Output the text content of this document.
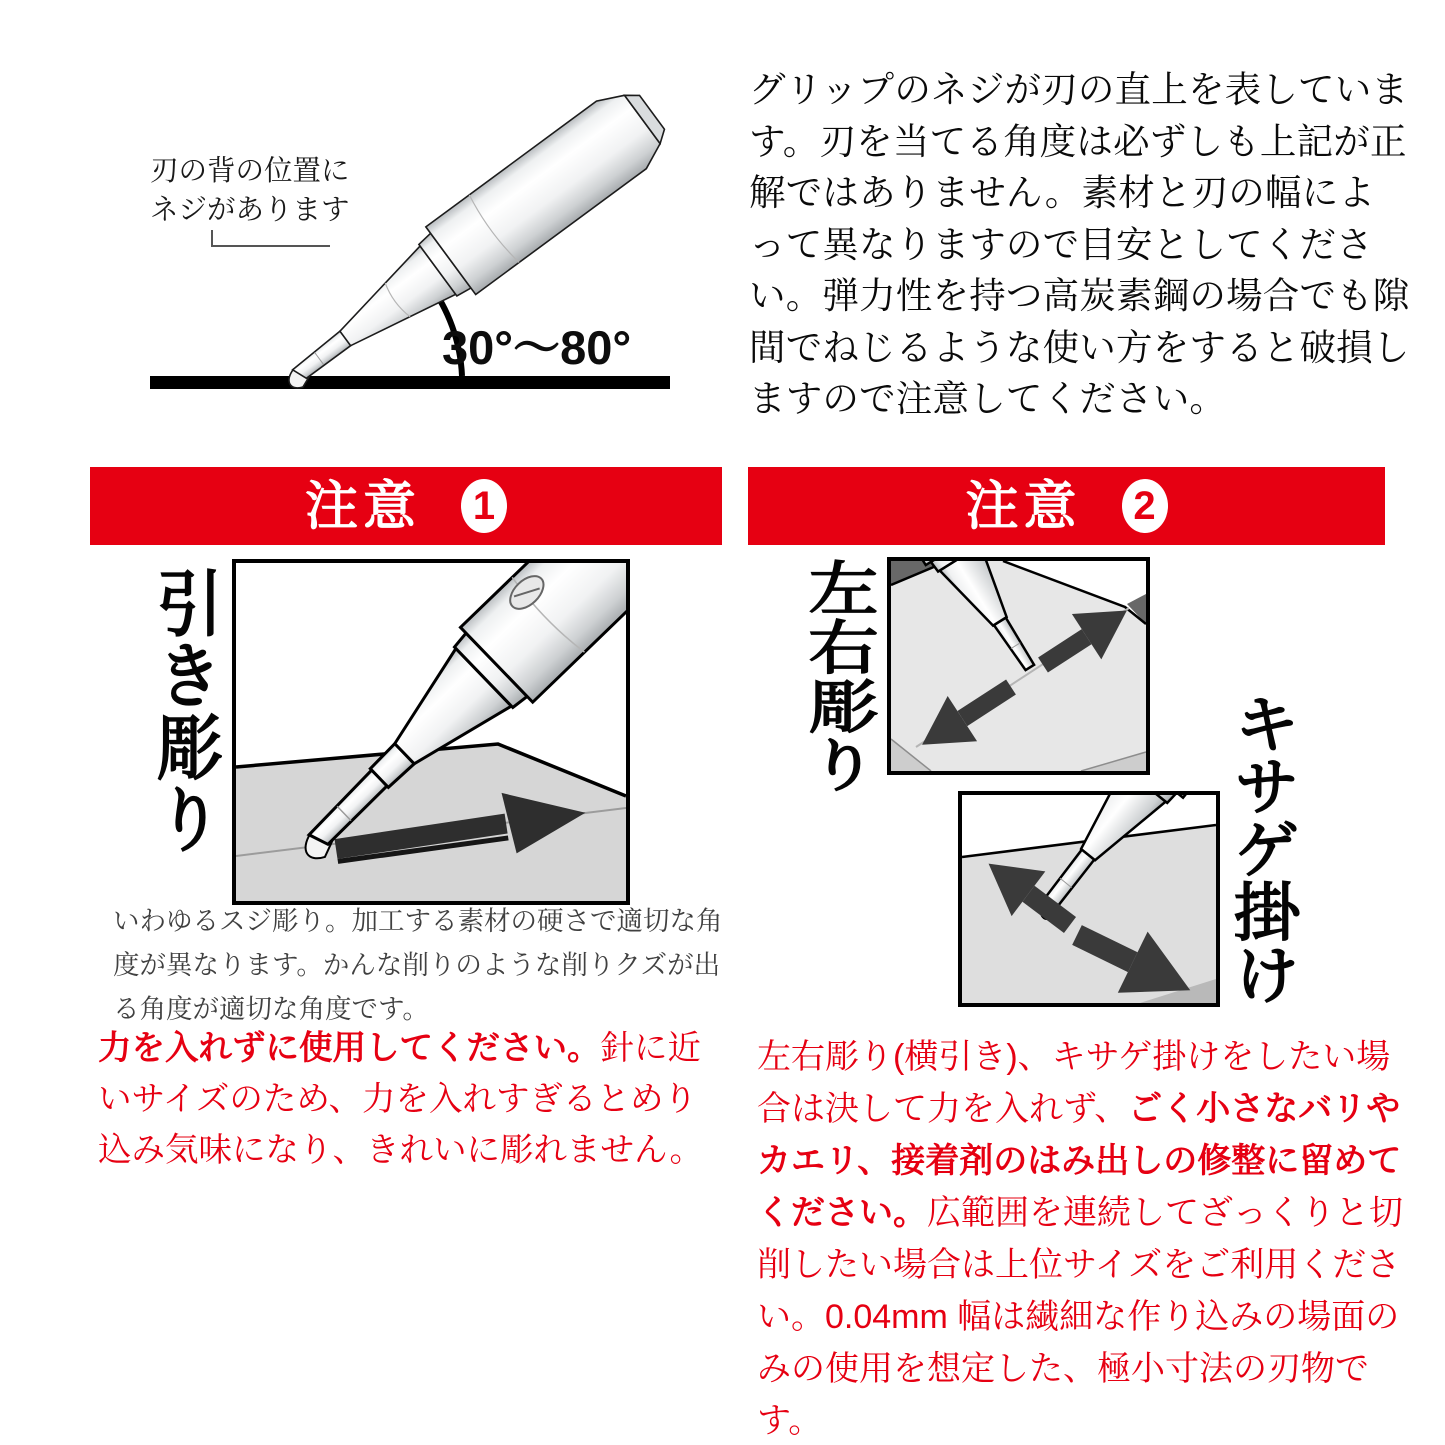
刃の背の位置に
ネジがあります
30°〜80°
グリップのネジが刃の直上を表しています。刃を当てる角度は必ずしも上記が正解ではありません。素材と刃の幅によって異なりますので目安としてください。弾力性を持つ高炭素鋼の場合でも隙間でねじるような使い方をすると破損しますので注意してください。
注意 1	注意 2
引き彫り
いわゆるスジ彫り。加工する素材の硬さで適切な角度が異なります。かんな削りのような削りクズが出る角度が適切な角度です。
力を入れずに使用してください。針に近いサイズのため、力を入れすぎるとめり込み気味になり、きれいに彫れません。
左右彫り
キサゲ掛け
左右彫り(横引き)、キサゲ掛けをしたい場合は決して力を入れず、ごく小さなバリやカエリ、接着剤のはみ出しの修整に留めてください。広範囲を連続してざっくりと切削したい場合は上位サイズをご利用ください。0.04mm 幅は繊細な作り込みの場面のみの使用を想定した、極小寸法の刃物です。
